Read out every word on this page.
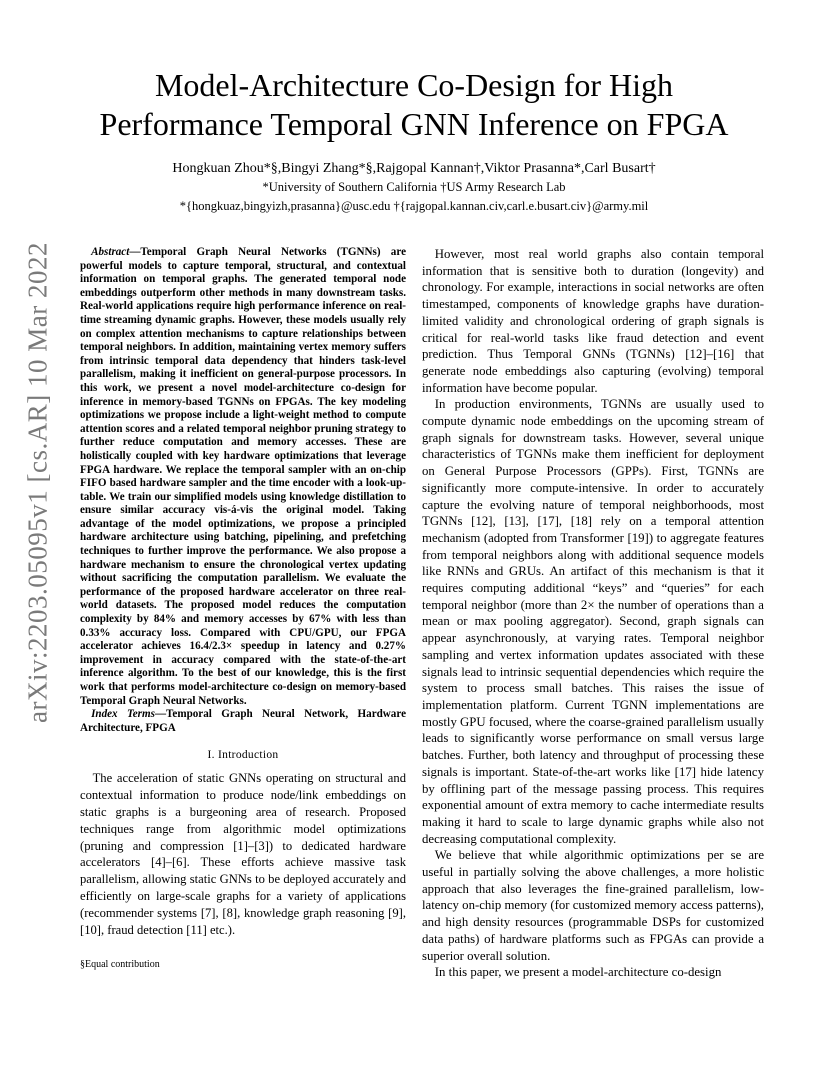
arXiv:2203.05095v1 [cs.AR] 10 Mar 2022
Model-Architecture Co-Design for High
Performance Temporal GNN Inference on FPGA
Hongkuan Zhou*§,Bingyi Zhang*§,Rajgopal Kannan†,Viktor Prasanna*,Carl Busart†
*University of Southern California †US Army Research Lab
*{hongkuaz,bingyizh,prasanna}@usc.edu †{rajgopal.kannan.civ,carl.e.busart.civ}@army.mil

Abstract—Temporal Graph Neural Networks (TGNNs) are powerful models to capture temporal, structural, and contextual information on temporal graphs. The generated temporal node embeddings outperform other methods in many downstream tasks. Real-world applications require high performance inference on real-time streaming dynamic graphs. However, these models usually rely on complex attention mechanisms to capture relationships between temporal neighbors. In addition, maintaining vertex memory suffers from intrinsic temporal data dependency that hinders task-level parallelism, making it inefficient on general-purpose processors. In this work, we present a novel model-architecture co-design for inference in memory-based TGNNs on FPGAs. The key modeling optimizations we propose include a light-weight method to compute attention scores and a related temporal neighbor pruning strategy to further reduce computation and memory accesses. These are holistically coupled with key hardware optimizations that leverage FPGA hardware. We replace the temporal sampler with an on-chip FIFO based hardware sampler and the time encoder with a look-up-table. We train our simplified models using knowledge distillation to ensure similar accuracy vis-á-vis the original model. Taking advantage of the model optimizations, we propose a principled hardware architecture using batching, pipelining, and prefetching techniques to further improve the performance. We also propose a hardware mechanism to ensure the chronological vertex updating without sacrificing the computation parallelism. We evaluate the performance of the proposed hardware accelerator on three real-world datasets. The proposed model reduces the computation complexity by 84% and memory accesses by 67% with less than 0.33% accuracy loss. Compared with CPU/GPU, our FPGA accelerator achieves 16.4/2.3× speedup in latency and 0.27% improvement in accuracy compared with the state-of-the-art inference algorithm. To the best of our knowledge, this is the first work that performs model-architecture co-design on memory-based Temporal Graph Neural Networks.

Index Terms—Temporal Graph Neural Network, Hardware Architecture, FPGA

I. Introduction

The acceleration of static GNNs operating on structural and contextual information to produce node/link embeddings on static graphs is a burgeoning area of research. Proposed techniques range from algorithmic model optimizations (pruning and compression [1]–[3]) to dedicated hardware accelerators [4]–[6]. These efforts achieve massive task parallelism, allowing static GNNs to be deployed accurately and efficiently on large-scale graphs for a variety of applications (recommender systems [7], [8], knowledge graph reasoning [9], [10], fraud detection [11] etc.).

However, most real world graphs also contain temporal information that is sensitive both to duration (longevity) and chronology. For example, interactions in social networks are often timestamped, components of knowledge graphs have duration-limited validity and chronological ordering of graph signals is critical for real-world tasks like fraud detection and event prediction. Thus Temporal GNNs (TGNNs) [12]–[16] that generate node embeddings also capturing (evolving) temporal information have become popular.

In production environments, TGNNs are usually used to compute dynamic node embeddings on the upcoming stream of graph signals for downstream tasks. However, several unique characteristics of TGNNs make them inefficient for deployment on General Purpose Processors (GPPs). First, TGNNs are significantly more compute-intensive. In order to accurately capture the evolving nature of temporal neighborhoods, most TGNNs [12], [13], [17], [18] rely on a temporal attention mechanism (adopted from Transformer [19]) to aggregate features from temporal neighbors along with additional sequence models like RNNs and GRUs. An artifact of this mechanism is that it requires computing additional “keys” and “queries” for each temporal neighbor (more than 2× the number of operations than a mean or max pooling aggregator). Second, graph signals can appear asynchronously, at varying rates. Temporal neighbor sampling and vertex information updates associated with these signals lead to intrinsic sequential dependencies which require the system to process small batches. This raises the issue of implementation platform. Current TGNN implementations are mostly GPU focused, where the coarse-grained parallelism usually leads to significantly worse performance on small versus large batches. Further, both latency and throughput of processing these signals is important. State-of-the-art works like [17] hide latency by offlining part of the message passing process. This requires exponential amount of extra memory to cache intermediate results making it hard to scale to large dynamic graphs while also not decreasing computational complexity.

We believe that while algorithmic optimizations per se are useful in partially solving the above challenges, a more holistic approach that also leverages the fine-grained parallelism, low-latency on-chip memory (for customized memory access patterns), and high density resources (programmable DSPs for customized data paths) of hardware platforms such as FPGAs can provide a superior overall solution.

In this paper, we present a model-architecture co-design

§Equal contribution
